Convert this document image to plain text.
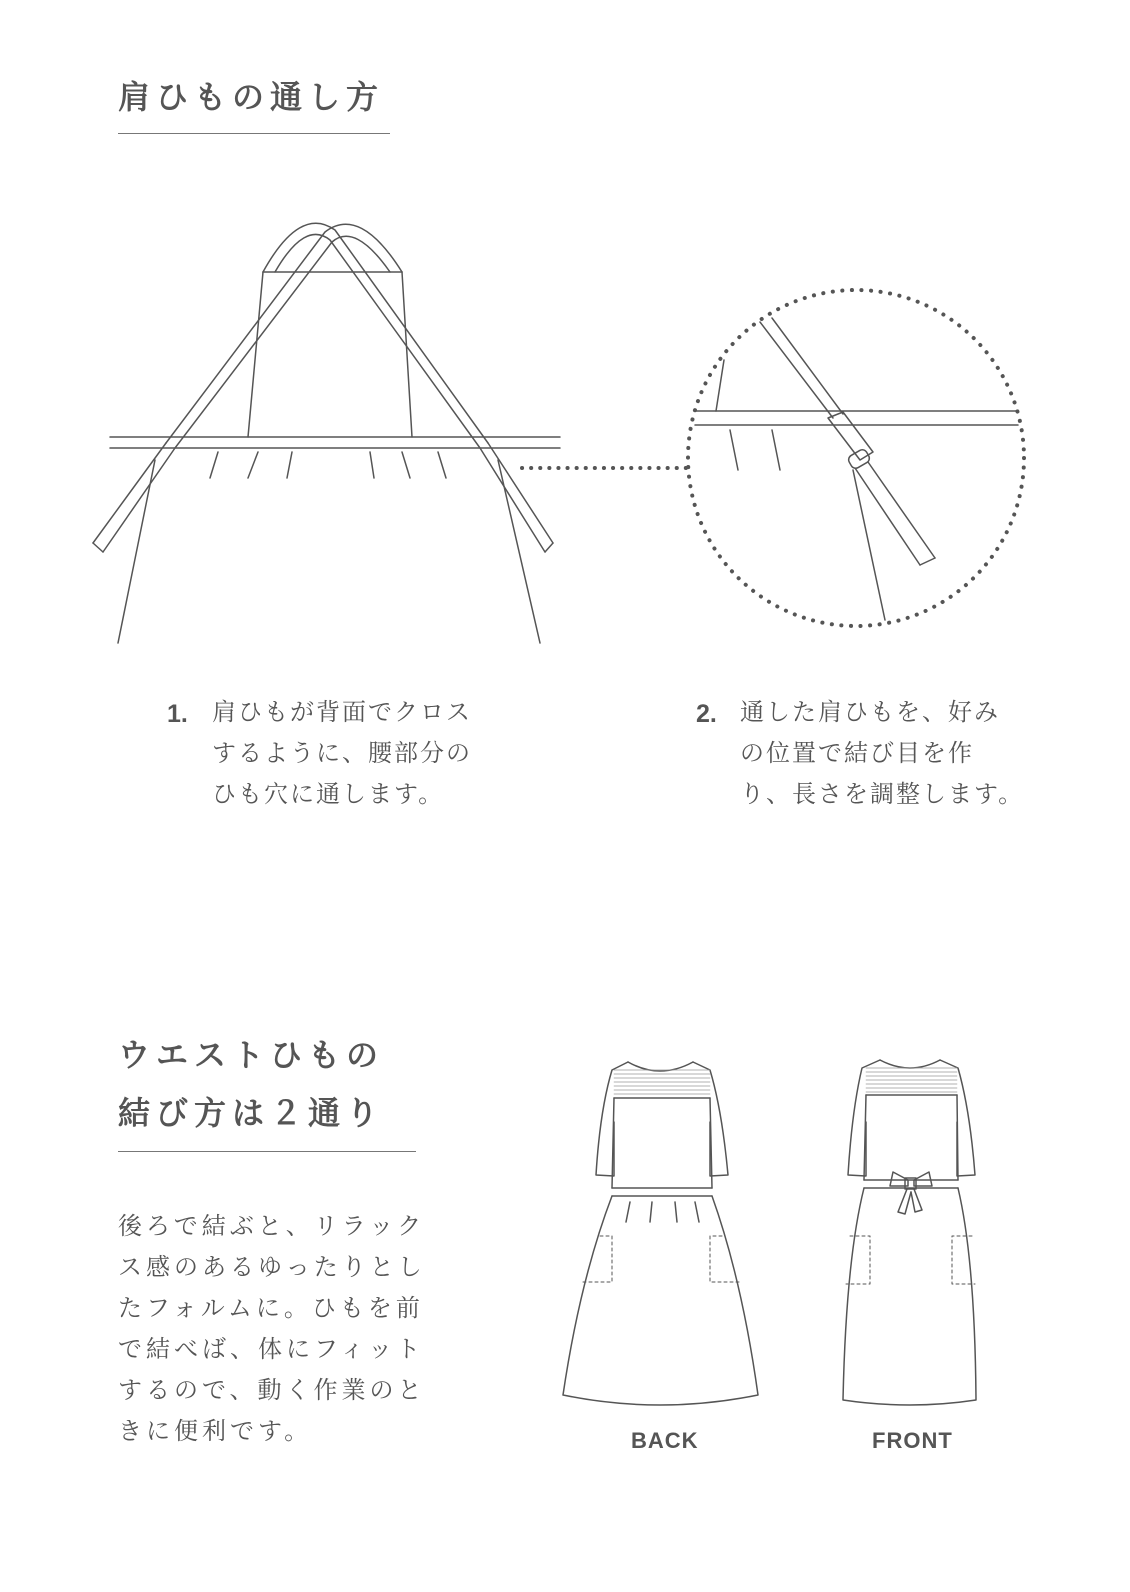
肩ひもの通し方
1. 肩ひもが背面でクロス

するように、腰部分の

ひも穴に通します。

2. 通した肩ひもを、好み

の位置で結び目を作

り、長さを調整します。

ウエストひもの
結び方は２通り

後ろで結ぶと、リラック

ス感のあるゆったりとし

たフォルムに。ひもを前

で結べば、体にフィット

するので、動く作業のと

きに便利です。	BACK	FRONT
